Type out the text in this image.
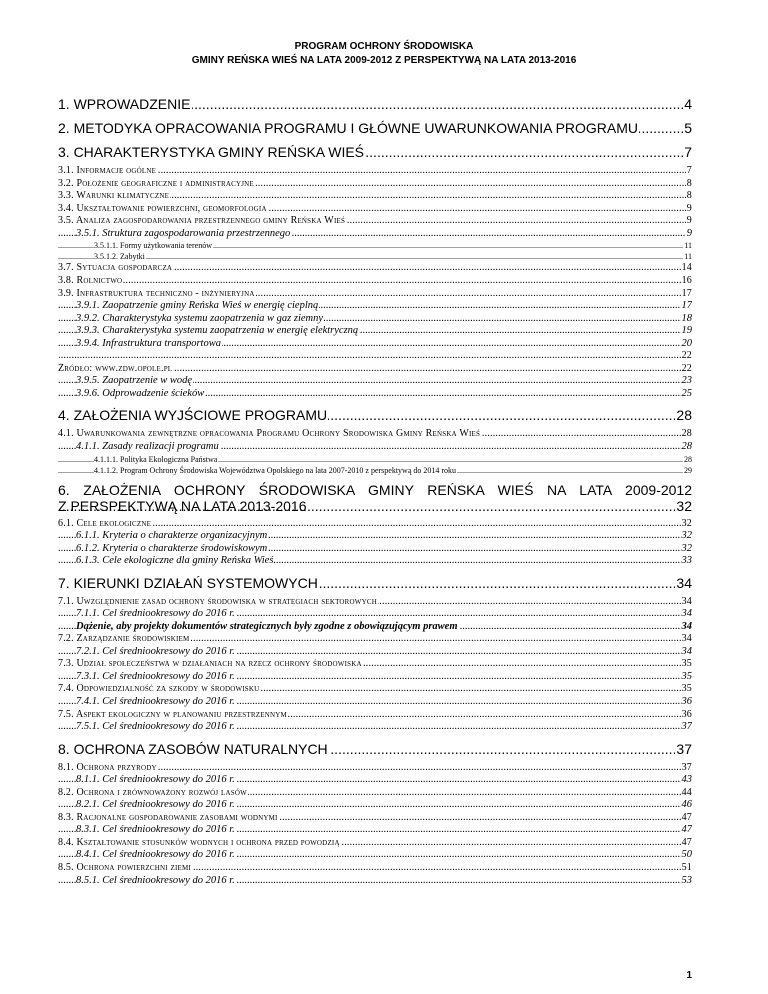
PROGRAM OCHRONY ŚRODOWISKA
GMINY REŃSKA WIEŚ NA LATA 2009-2012 Z PERSPEKTYWĄ NA LATA 2013-2016
..... 1. WPROWADZENIE	4
..... 2. METODYKA OPRACOWANIA PROGRAMU I GŁÓWNE UWARUNKOWANIA PROGRAMU	5
..... 3. CHARAKTERYSTYKA GMINY REŃSKA WIEŚ	7
..... 3.1. Informacje ogólne	7
..... 3.2. Położenie geograficzne i administracyjne	8
..... 3.3. Warunki klimatyczne	8
..... 3.4. Ukształtowanie powierzchni, geomorfologia	9
..... 3.5. Analiza zagospodarowania przestrzennego gminy Reńska Wieś	9
..... 3.5.1. Struktura zagospodarowania przestrzennego	9
..... 3.5.1.1. Formy użytkowania terenów	11
..... 3.5.1.2. Zabytki	11
..... 3.7. Sytuacja gospodarcza	14
..... 3.8. Rolnictwo	16
..... 3.9. Infrastruktura techniczno - inżynieryjna	17
..... 3.9.1. Zaopatrzenie gminy Reńska Wieś w energię cieplną	17
..... 3.9.2. Charakterystyka systemu zaopatrzenia w gaz ziemny	18
..... 3.9.3. Charakterystyka systemu zaopatrzenia w energię elektryczną	19
..... 3.9.4. Infrastruktura transportowa	20
..... 22
..... Źródło: www.zdw.opole.pl	22
..... 3.9.5. Zaopatrzenie w wodę	23
..... 3.9.6. Odprowadzenie ścieków	25
..... 4. ZAŁOŻENIA WYJŚCIOWE PROGRAMU	28
..... 4.1. Uwarunkowania zewnętrzne opracowania Programu Ochrony Środowiska Gminy Reńska Wieś	28
..... 4.1.1. Zasady realizacji programu	28
..... 4.1.1.1. Polityka Ekologiczna Państwa	28
..... 4.1.1.2. Program Ochrony Środowiska Województwa Opolskiego na lata 2007-2010 z perspektywą do 2014 roku	29
6. ZAŁOŻENIA OCHRONY ŚRODOWISKA GMINY REŃSKA WIEŚ NA LATA 2009-2012
..... Z PERSPEKTYWĄ NA LATA 2013-2016	32
..... 6.1. Cele ekologiczne	32
..... 6.1.1. Kryteria o charakterze organizacyjnym	32
..... 6.1.2. Kryteria o charakterze środowiskowym	32
..... 6.1.3. Cele ekologiczne dla gminy Reńska Wieś	33
..... 7. KIERUNKI DZIAŁAŃ SYSTEMOWYCH	34
..... 7.1. Uwzględnienie zasad ochrony środowiska w strategiach sektorowych	34
..... 7.1.1. Cel średniookresowy do 2016 r.	34
..... Dążenie, aby projekty dokumentów strategicznych były zgodne z obowiązującym prawem	34
..... 7.2. Zarządzanie środowiskiem	34
..... 7.2.1. Cel średniookresowy do 2016 r.	34
..... 7.3. Udział społeczeństwa w działaniach na rzecz ochrony środowiska	35
..... 7.3.1. Cel średniookresowy do 2016 r.	35
..... 7.4. Odpowiedzialność za szkody w środowisku	35
..... 7.4.1. Cel średniookresowy do 2016 r.	36
..... 7.5. Aspekt ekologiczny w planowaniu przestrzennym	36
..... 7.5.1. Cel średniookresowy do 2016 r.	37
..... 8. OCHRONA ZASOBÓW NATURALNYCH	37
..... 8.1. Ochrona przyrody	37
..... 8.1.1. Cel średniookresowy do 2016 r.	43
..... 8.2. Ochrona i zrównoważony rozwój lasów	44
..... 8.2.1. Cel średniookresowy do 2016 r.	46
..... 8.3. Racjonalne gospodarowanie zasobami wodnymi	47
..... 8.3.1. Cel średniookresowy do 2016 r.	47
..... 8.4. Kształtowanie stosunków wodnych i ochrona przed powodzią	47
..... 8.4.1. Cel średniookresowy do 2016 r.	50
..... 8.5. Ochrona powierzchni ziemi	51
..... 8.5.1. Cel średniookresowy do 2016 r.	53
1
